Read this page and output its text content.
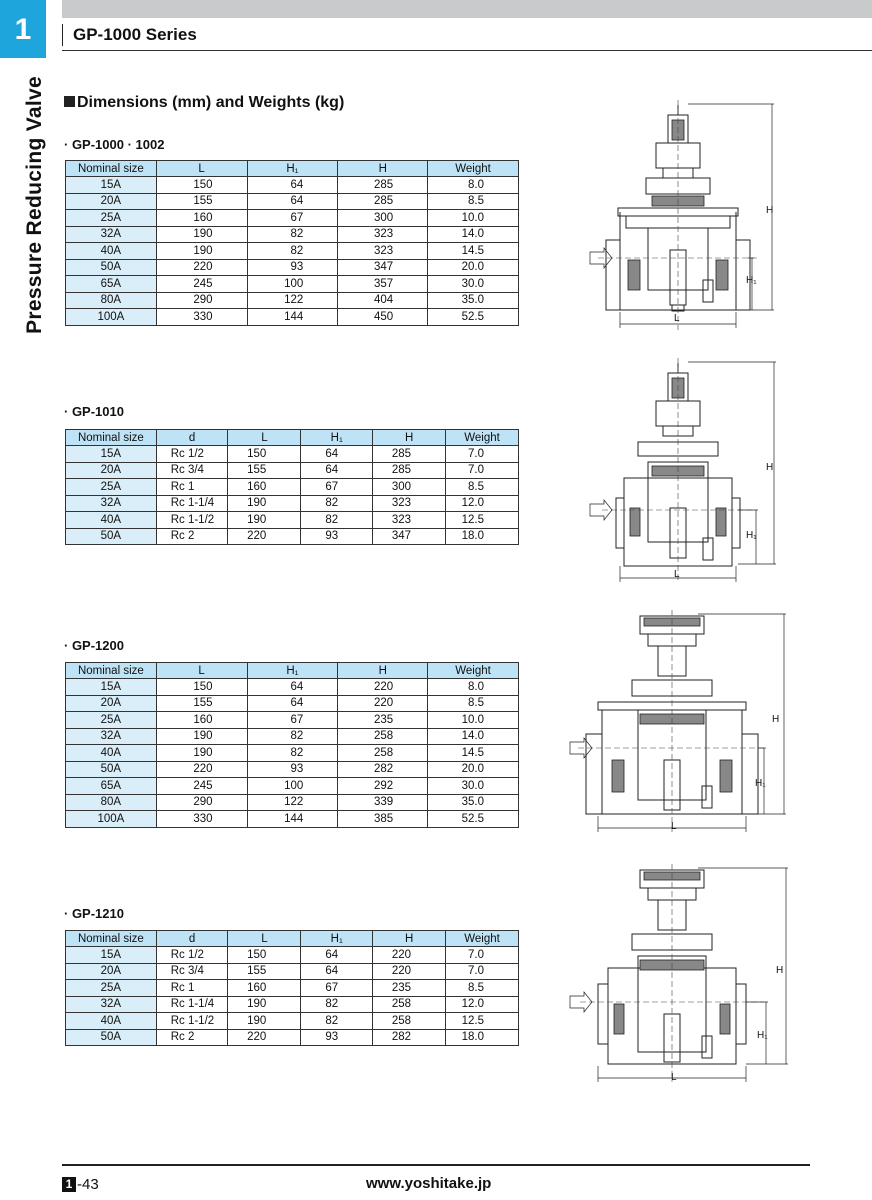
1
Pressure Reducing Valve
GP-1000 Series
Dimensions (mm) and Weights (kg)
· GP-1000 · 1002
Nominal size	L	H₁	H	Weight
15A	150	64	285	8.0
20A	155	64	285	8.5
25A	160	67	300	10.0
32A	190	82	323	14.0
40A	190	82	323	14.5
50A	220	93	347	20.0
65A	245	100	357	30.0
80A	290	122	404	35.0
100A	330	144	450	52.5
· GP-1010
Nominal size	d	L	H₁	H	Weight
15A	Rc 1/2	150	64	285	7.0
20A	Rc 3/4	155	64	285	7.0
25A	Rc 1	160	67	300	8.5
32A	Rc 1-1/4	190	82	323	12.0
40A	Rc 1-1/2	190	82	323	12.5
50A	Rc 2	220	93	347	18.0
· GP-1200
Nominal size	L	H₁	H	Weight
15A	150	64	220	8.0
20A	155	64	220	8.5
25A	160	67	235	10.0
32A	190	82	258	14.0
40A	190	82	258	14.5
50A	220	93	282	20.0
65A	245	100	292	30.0
80A	290	122	339	35.0
100A	330	144	385	52.5
· GP-1210
Nominal size	d	L	H₁	H	Weight
15A	Rc 1/2	150	64	220	7.0
20A	Rc 3/4	155	64	220	7.0
25A	Rc 1	160	67	235	8.5
32A	Rc 1-1/4	190	82	258	12.0
40A	Rc 1-1/2	190	82	258	12.5
50A	Rc 2	220	93	282	18.0
H
H₁
L
H
H₁
L
H
H₁
L
H
H₁
L
1 -43	www.yoshitake.jp
